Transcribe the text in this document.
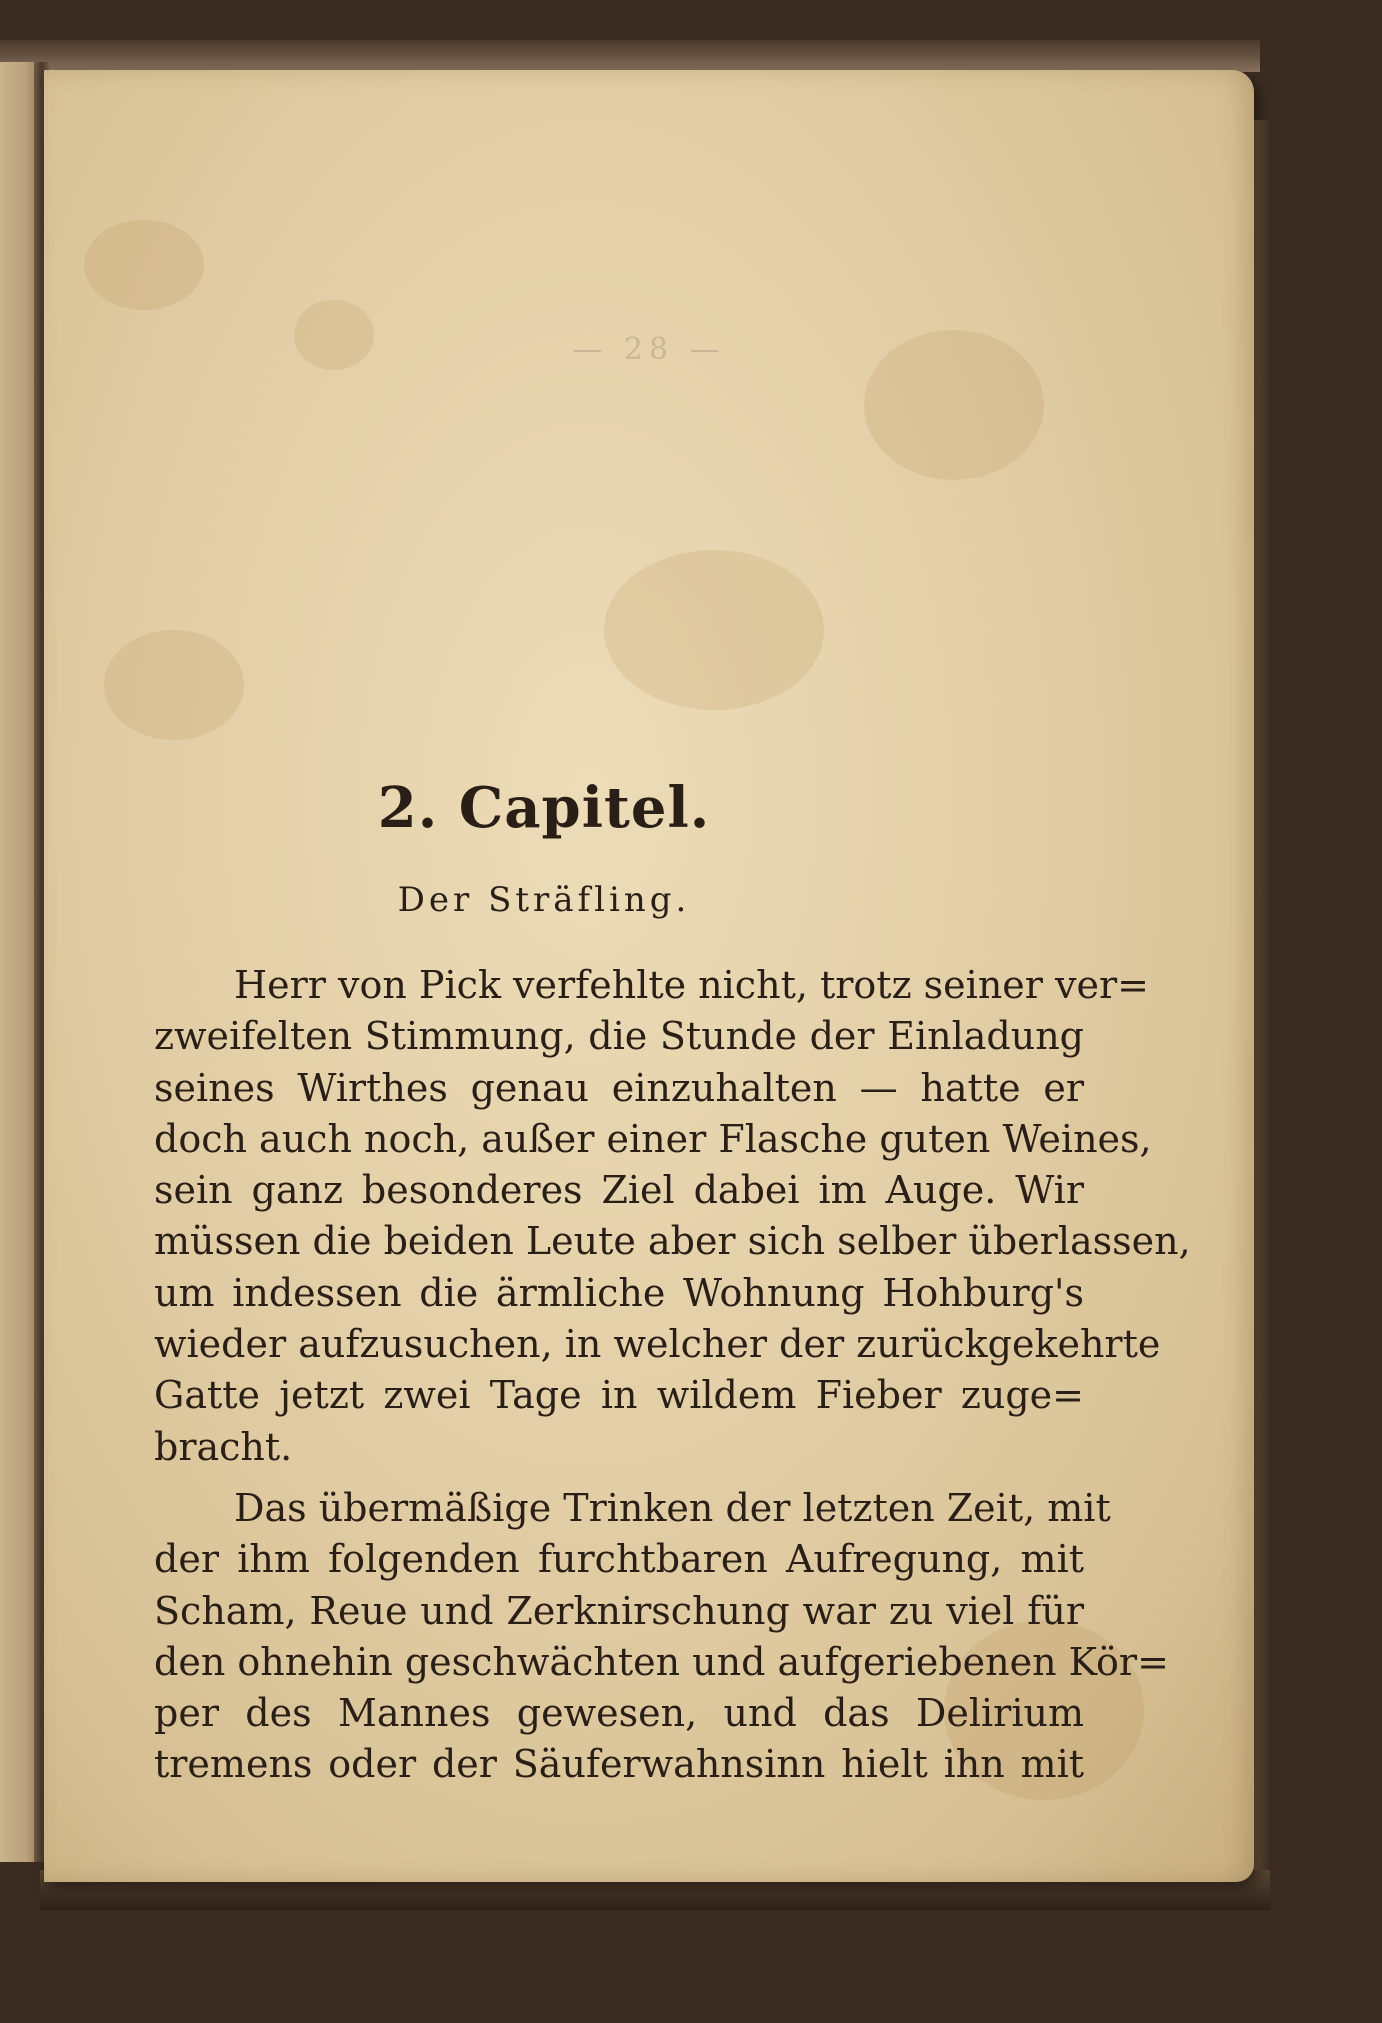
— 28 —
2. Capitel.
Der Sträfling.
Herr von Pick verfehlte nicht, trotz seiner ver=
zweifelten Stimmung, die Stunde der Einladung
seines Wirthes genau einzuhalten — hatte er
doch auch noch, außer einer Flasche guten Weines,
sein ganz besonderes Ziel dabei im Auge. Wir
müssen die beiden Leute aber sich selber überlassen,
um indessen die ärmliche Wohnung Hohburg's
wieder aufzusuchen, in welcher der zurückgekehrte
Gatte jetzt zwei Tage in wildem Fieber zuge=
bracht.
Das übermäßige Trinken der letzten Zeit, mit
der ihm folgenden furchtbaren Aufregung, mit
Scham, Reue und Zerknirschung war zu viel für
den ohnehin geschwächten und aufgeriebenen Kör=
per des Mannes gewesen, und das Delirium
tremens oder der Säuferwahnsinn hielt ihn mit
